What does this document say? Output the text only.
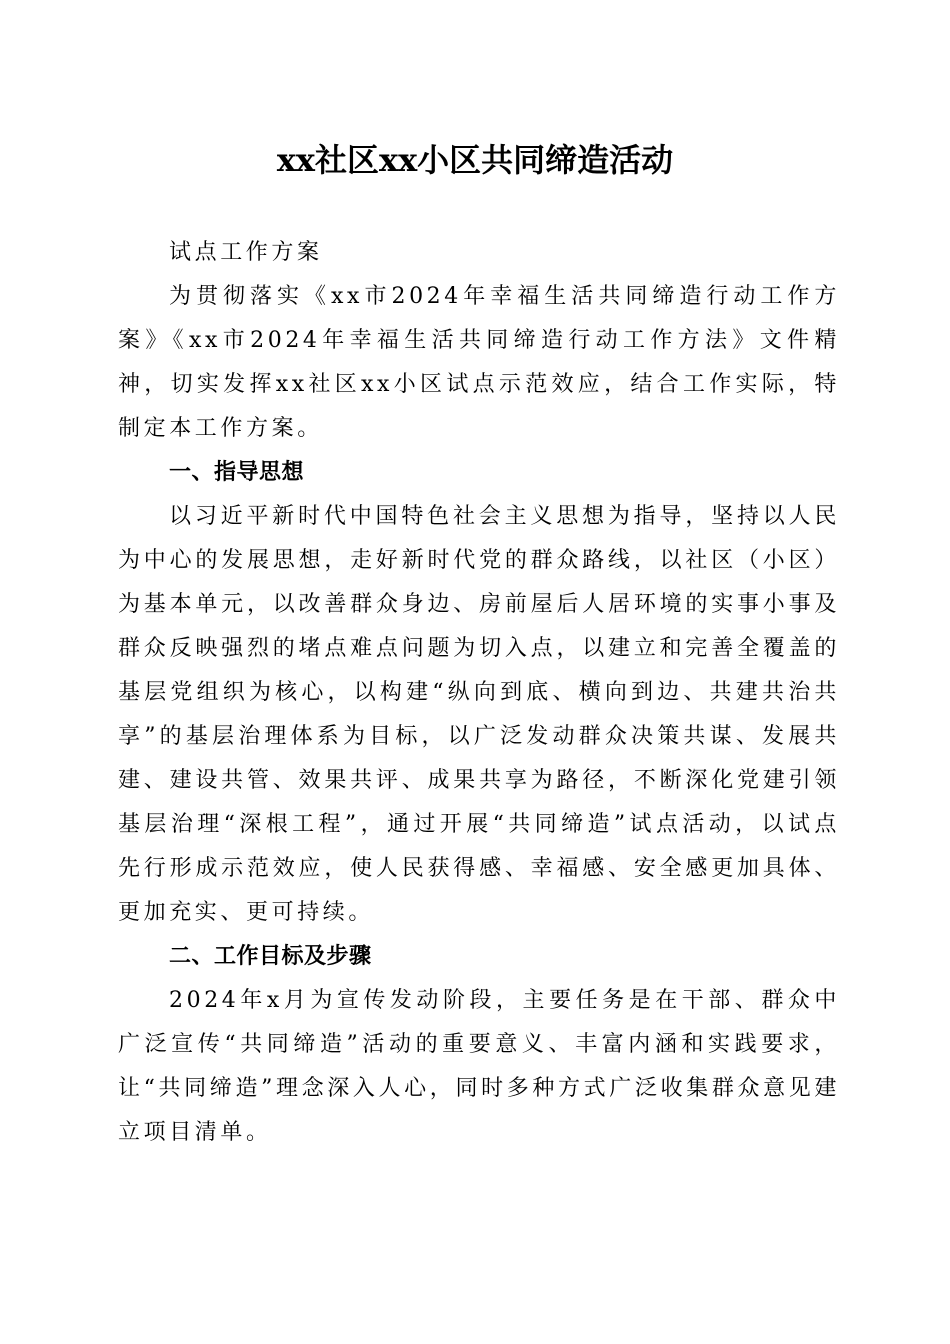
xx社区xx小区共同缔造活动

试点工作方案

为贯彻落实《xx市2024年幸福生活共同缔造行动工作方案》《xx市2024年幸福生活共同缔造行动工作方法》文件精神，切实发挥xx社区xx小区试点示范效应，结合工作实际，特制定本工作方案。

一、指导思想

以习近平新时代中国特色社会主义思想为指导，坚持以人民为中心的发展思想，走好新时代党的群众路线，以社区（小区）为基本单元，以改善群众身边、房前屋后人居环境的实事小事及群众反映强烈的堵点难点问题为切入点，以建立和完善全覆盖的基层党组织为核心，以构建“纵向到底、横向到边、共建共治共享”的基层治理体系为目标，以广泛发动群众决策共谋、发展共建、建设共管、效果共评、成果共享为路径，不断深化党建引领基层治理“深根工程”，通过开展“共同缔造”试点活动，以试点先行形成示范效应，使人民获得感、幸福感、安全感更加具体、更加充实、更可持续。

二、工作目标及步骤

2024年x月为宣传发动阶段，主要任务是在干部、群众中广泛宣传“共同缔造”活动的重要意义、丰富内涵和实践要求，让“共同缔造”理念深入人心，同时多种方式广泛收集群众意见建立项目清单。
